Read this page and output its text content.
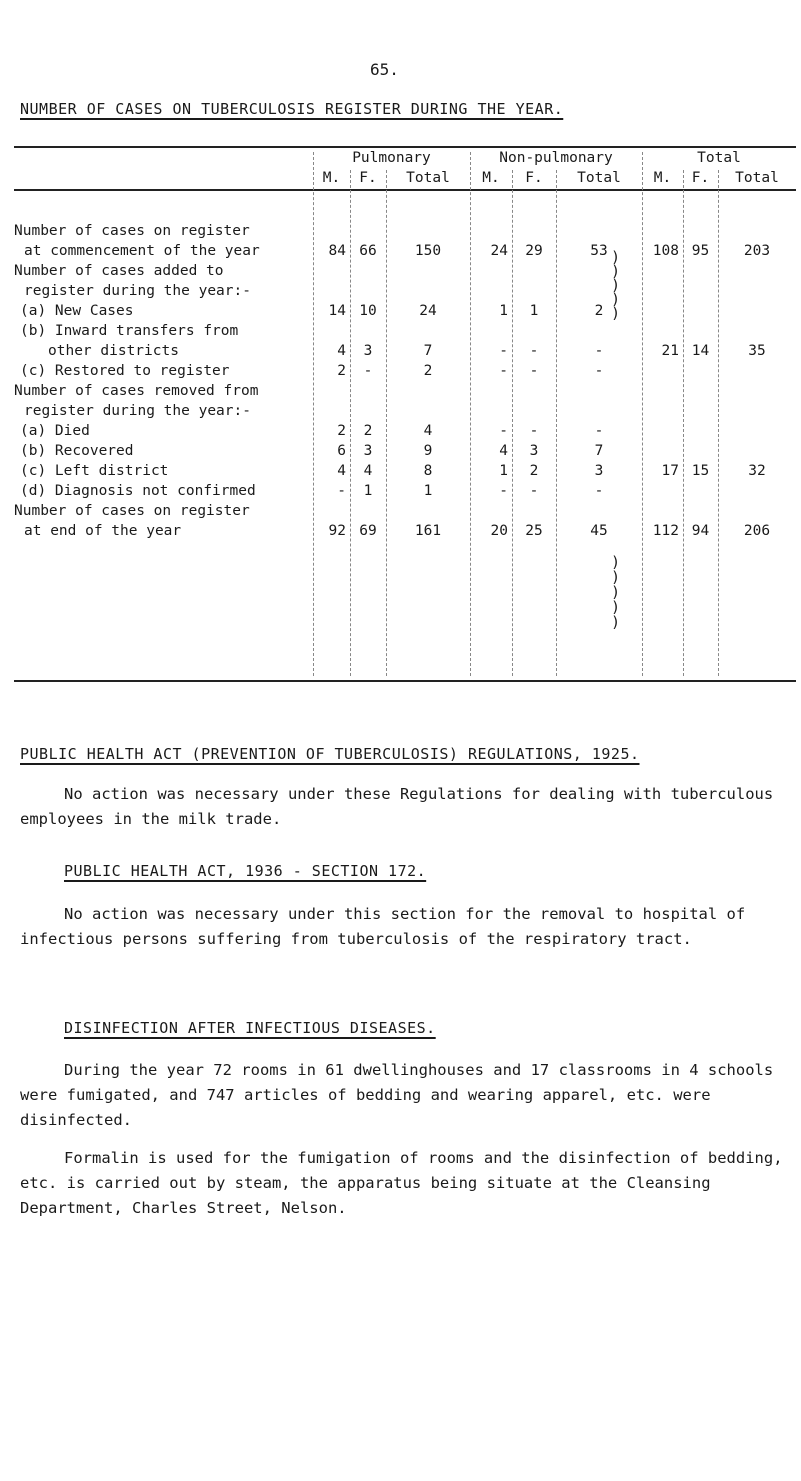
65.
NUMBER OF CASES ON TUBERCULOSIS REGISTER DURING THE YEAR.
	Pulmonary			Non-pulmonary			Total		
	M.	F.	Total	M.	F.	Total	M.	F.	Total

Number of cases on register									
at commencement of the year	84	66	150	24	29	53	108	95	203
Number of cases added to									
register during the year:-									
(a) New Cases	14	10	24	1	1	2			
(b) Inward transfers from									
other districts	4	3	7	-	-	-	21	14	35
(c) Restored to register	2	-	2	-	-	-			
Number of cases removed from									
register during the year:-									
(a) Died	2	2	4	-	-	-			
(b) Recovered	6	3	9	4	3	7			
(c) Left district	4	4	8	1	2	3	17	15	32
(d) Diagnosis not confirmed	-	1	1	-	-	-			
Number of cases on register									
at end of the year	92	69	161	20	25	45	112	94	206
)
)
)
)
)
)
)
)
)
)
PUBLIC HEALTH ACT (PREVENTION OF TUBERCULOSIS) REGULATIONS, 1925.
No action was necessary under these Regulations for dealing with tuberculous employees in the milk trade.
PUBLIC HEALTH ACT, 1936 - SECTION 172.
No action was necessary under this section for the removal to hospital of infectious persons suffering from tuberculosis of the respiratory tract.
DISINFECTION AFTER INFECTIOUS DISEASES.
During the year 72 rooms in 61 dwellinghouses and 17 classrooms in 4 schools were fumigated, and 747 articles of bedding and wearing apparel, etc. were disinfected.
Formalin is used for the fumigation of rooms and the disinfection of bedding, etc. is carried out by steam, the apparatus being situate at the Cleansing Department, Charles Street, Nelson.
